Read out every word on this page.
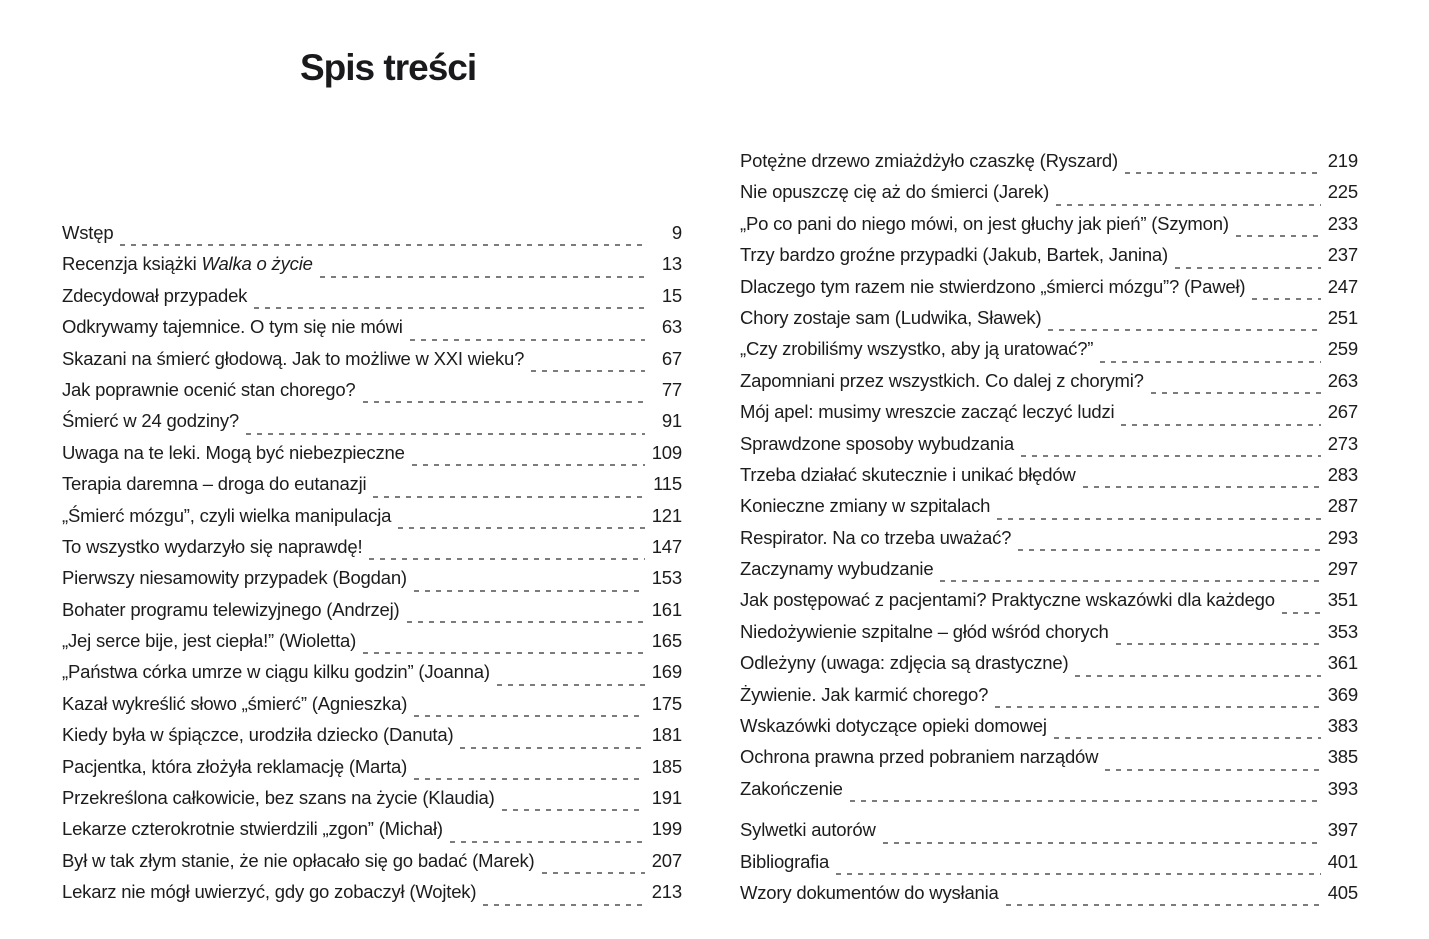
Spis treści
Wstęp	9
Recenzja książki Walka o życie	13
Zdecydował przypadek	15
Odkrywamy tajemnice. O tym się nie mówi	63
Skazani na śmierć głodową. Jak to możliwe w XXI wieku?	67
Jak poprawnie ocenić stan chorego?	77
Śmierć w 24 godziny?	91
Uwaga na te leki. Mogą być niebezpieczne	109
Terapia daremna – droga do eutanazji	115
„Śmierć mózgu”, czyli wielka manipulacja	121
To wszystko wydarzyło się naprawdę!	147
Pierwszy niesamowity przypadek (Bogdan)	153
Bohater programu telewizyjnego (Andrzej)	161
„Jej serce bije, jest ciepła!” (Wioletta)	165
„Państwa córka umrze w ciągu kilku godzin” (Joanna)	169
Kazał wykreślić słowo „śmierć” (Agnieszka)	175
Kiedy była w śpiączce, urodziła dziecko (Danuta)	181
Pacjentka, która złożyła reklamację (Marta)	185
Przekreślona całkowicie, bez szans na życie (Klaudia)	191
Lekarze czterokrotnie stwierdzili „zgon” (Michał)	199
Był w tak złym stanie, że nie opłacało się go badać (Marek)	207
Lekarz nie mógł uwierzyć, gdy go zobaczył (Wojtek)	213
Potężne drzewo zmiażdżyło czaszkę (Ryszard)	219
Nie opuszczę cię aż do śmierci (Jarek)	225
„Po co pani do niego mówi, on jest głuchy jak pień” (Szymon)	233
Trzy bardzo groźne przypadki (Jakub, Bartek, Janina)	237
Dlaczego tym razem nie stwierdzono „śmierci mózgu”? (Paweł)	247
Chory zostaje sam (Ludwika, Sławek)	251
„Czy zrobiliśmy wszystko, aby ją uratować?”	259
Zapomniani przez wszystkich. Co dalej z chorymi?	263
Mój apel: musimy wreszcie zacząć leczyć ludzi	267
Sprawdzone sposoby wybudzania	273
Trzeba działać skutecznie i unikać błędów	283
Konieczne zmiany w szpitalach	287
Respirator. Na co trzeba uważać?	293
Zaczynamy wybudzanie	297
Jak postępować z pacjentami? Praktyczne wskazówki dla każdego	351
Niedożywienie szpitalne – głód wśród chorych	353
Odleżyny (uwaga: zdjęcia są drastyczne)	361
Żywienie. Jak karmić chorego?	369
Wskazówki dotyczące opieki domowej	383
Ochrona prawna przed pobraniem narządów	385
Zakończenie	393
Sylwetki autorów	397
Bibliografia	401
Wzory dokumentów do wysłania	405
